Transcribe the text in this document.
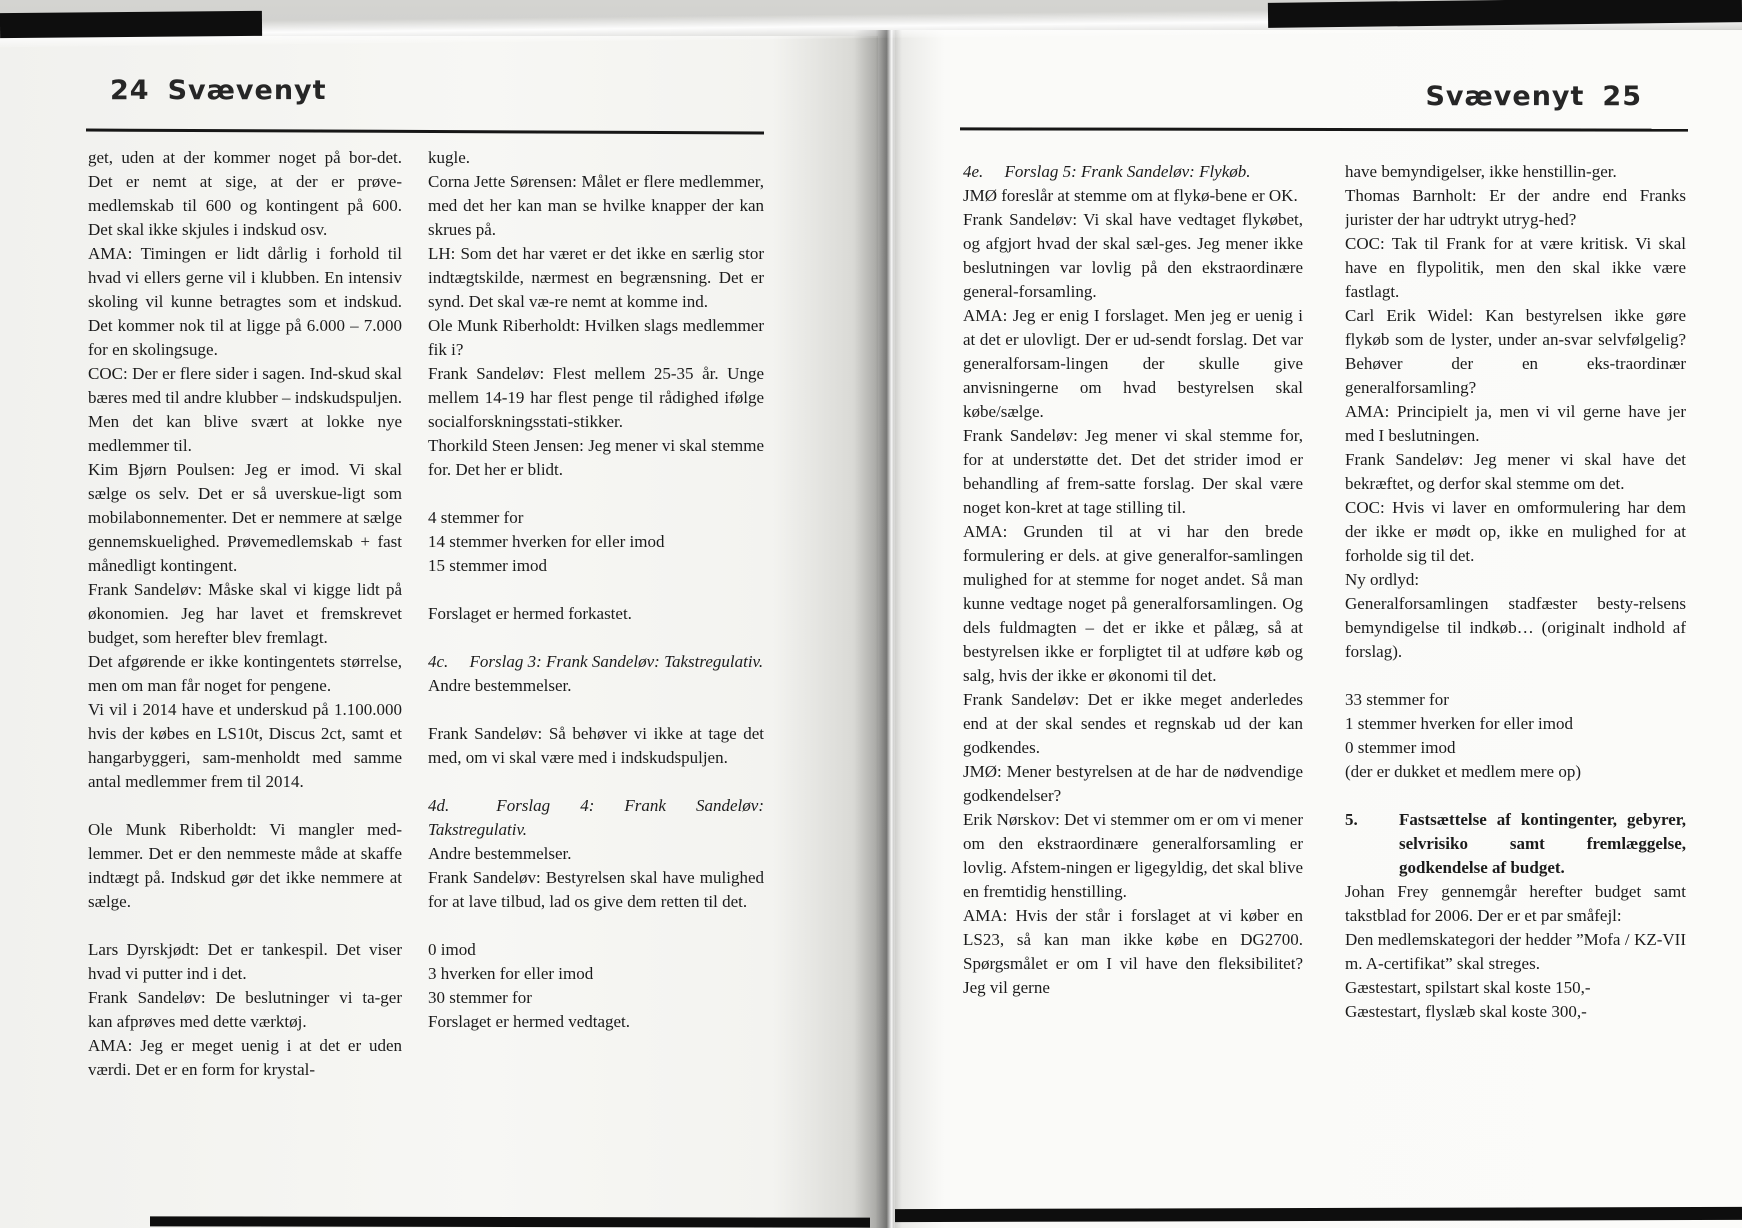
24 Svævenyt	Svævenyt 25

get, uden at der kommer noget på bor-det. Det er nemt at sige, at der er prøve-medlemskab til 600 og kontingent på 600. Det skal ikke skjules i indskud osv.

AMA: Timingen er lidt dårlig i forhold til hvad vi ellers gerne vil i klubben. En intensiv skoling vil kunne betragtes som et indskud. Det kommer nok til at ligge på 6.000 – 7.000 for en skolingsuge.

COC: Der er flere sider i sagen. Ind-skud skal bæres med til andre klubber – indskudspuljen. Men det kan blive svært at lokke nye medlemmer til.

Kim Bjørn Poulsen: Jeg er imod. Vi skal sælge os selv. Det er så uverskue-ligt som mobilabonnementer. Det er nemmere at sælge gennemskuelighed. Prøvemedlemskab + fast månedligt kontingent.

Frank Sandeløv: Måske skal vi kigge lidt på økonomien. Jeg har lavet et fremskrevet budget, som herefter blev fremlagt.

Det afgørende er ikke kontingentets størrelse, men om man får noget for pengene.

Vi vil i 2014 have et underskud på 1.100.000 hvis der købes en LS10t, Discus 2ct, samt et hangarbyggeri, sam-menholdt med samme antal medlemmer frem til 2014.

Ole Munk Riberholdt: Vi mangler med-lemmer. Det er den nemmeste måde at skaffe indtægt på. Indskud gør det ikke nemmere at sælge.

Lars Dyrskjødt: Det er tankespil. Det viser hvad vi putter ind i det.

Frank Sandeløv: De beslutninger vi ta-ger kan afprøves med dette værktøj.

AMA: Jeg er meget uenig i at det er uden værdi. Det er en form for krystal-

kugle.

Corna Jette Sørensen: Målet er flere medlemmer, med det her kan man se hvilke knapper der kan skrues på.

LH: Som det har været er det ikke en særlig stor indtægtskilde, nærmest en begrænsning. Det er synd. Det skal væ-re nemt at komme ind.

Ole Munk Riberholdt: Hvilken slags medlemmer fik i?

Frank Sandeløv: Flest mellem 25-35 år. Unge mellem 14-19 har flest penge til rådighed ifølge socialforskningsstati-stikker.

Thorkild Steen Jensen: Jeg mener vi skal stemme for. Det her er blidt.

4 stemmer for

14 stemmer hverken for eller imod

15 stemmer imod

Forslaget er hermed forkastet.

4c.  Forslag 3: Frank Sandeløv: Takstregulativ.

Andre bestemmelser.

Frank Sandeløv: Så behøver vi ikke at tage det med, om vi skal være med i indskudspuljen.

4d.  Forslag 4: Frank Sandeløv: Takstregulativ.

Andre bestemmelser.

Frank Sandeløv: Bestyrelsen skal have mulighed for at lave tilbud, lad os give dem retten til det.

0 imod

3 hverken for eller imod

30 stemmer for

Forslaget er hermed vedtaget.

4e.  Forslag 5: Frank Sandeløv: Flykøb.

JMØ foreslår at stemme om at flykø-bene er OK.

Frank Sandeløv: Vi skal have vedtaget flykøbet, og afgjort hvad der skal sæl-ges. Jeg mener ikke beslutningen var lovlig på den ekstraordinære general-forsamling.

AMA: Jeg er enig I forslaget. Men jeg er uenig i at det er ulovligt. Der er ud-sendt forslag. Det var generalforsam-lingen der skulle give anvisningerne om hvad bestyrelsen skal købe/sælge.

Frank Sandeløv: Jeg mener vi skal stemme for, for at understøtte det. Det det strider imod er behandling af frem-satte forslag. Der skal være noget kon-kret at tage stilling til.

AMA: Grunden til at vi har den brede formulering er dels. at give generalfor-samlingen mulighed for at stemme for noget andet. Så man kunne vedtage noget på generalforsamlingen. Og dels fuldmagten – det er ikke et pålæg, så at bestyrelsen ikke er forpligtet til at udføre køb og salg, hvis der ikke er økonomi til det.

Frank Sandeløv: Det er ikke meget anderledes end at der skal sendes et regnskab ud der kan godkendes.

JMØ: Mener bestyrelsen at de har de nødvendige godkendelser?

Erik Nørskov: Det vi stemmer om er om vi mener om den ekstraordinære generalforsamling er lovlig. Afstem-ningen er ligegyldig, det skal blive en fremtidig henstilling.

AMA: Hvis der står i forslaget at vi køber en LS23, så kan man ikke købe en DG2700. Spørgsmålet er om I vil have den fleksibilitet? Jeg vil gerne

have bemyndigelser, ikke henstillin-ger.

Thomas Barnholt: Er der andre end Franks jurister der har udtrykt utryg-hed?

COC: Tak til Frank for at være kritisk. Vi skal have en flypolitik, men den skal ikke være fastlagt.

Carl Erik Widel: Kan bestyrelsen ikke gøre flykøb som de lyster, under an-svar selvfølgelig? Behøver der en eks-traordinær generalforsamling?

AMA: Principielt ja, men vi vil gerne have jer med I beslutningen.

Frank Sandeløv: Jeg mener vi skal have det bekræftet, og derfor skal stemme om det.

COC: Hvis vi laver en omformulering har dem der ikke er mødt op, ikke en mulighed for at forholde sig til det.

Ny ordlyd:

Generalforsamlingen stadfæster besty-relsens bemyndigelse til indkøb… (originalt indhold af forslag).

33 stemmer for

1 stemmer hverken for eller imod

0 stemmer imod

(der er dukket et medlem mere op)

5.	Fastsættelse af kontingenter, gebyrer, selvrisiko samt fremlæggelse, godkendelse af budget.

Johan Frey gennemgår herefter budget samt takstblad for 2006. Der er et par småfejl:

Den medlemskategori der hedder ”Mofa / KZ-VII m. A-certifikat” skal streges.

Gæstestart, spilstart skal koste 150,-

Gæstestart, flyslæb skal koste 300,-
